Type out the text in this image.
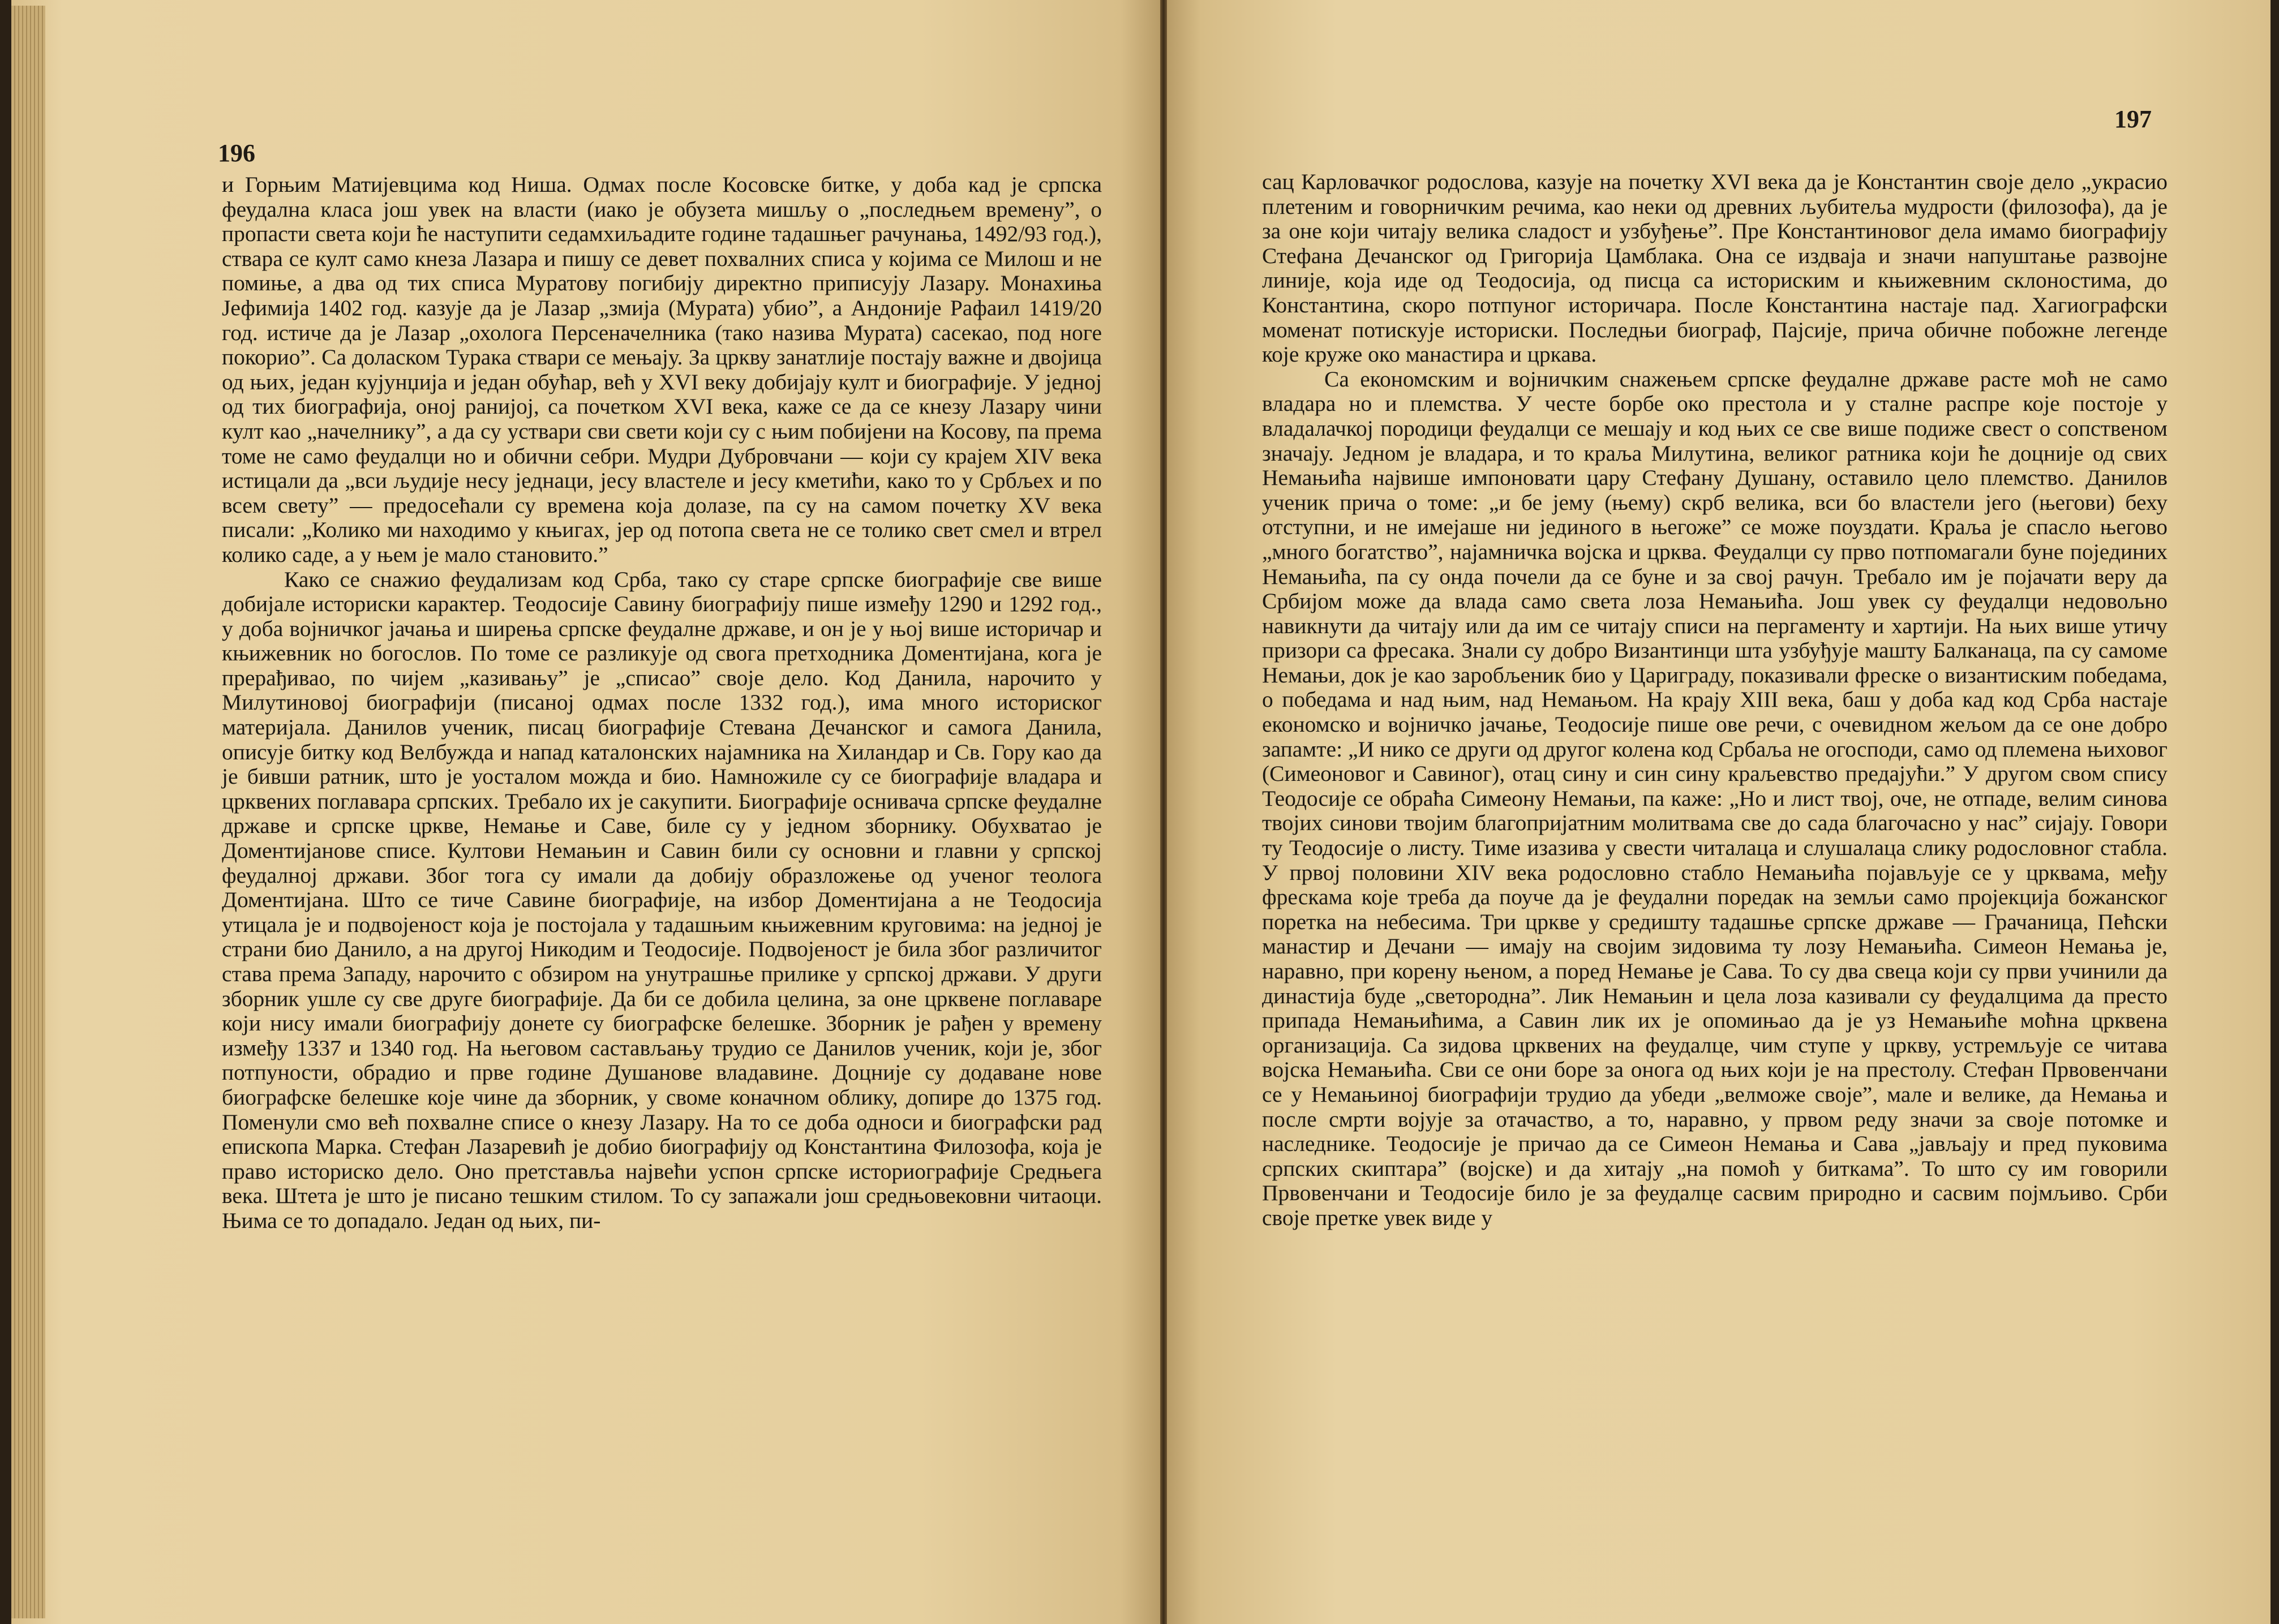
196

и Горњим Матијевцима код Ниша. Одмах после Косовске битке, у доба кад је српска феудална класа још увек на власти (иако је обузета мишљу о „последњем времену”, о пропасти света који ће наступити седамхиљадите године тадашњег рачунања, 1492/93 год.), ствара се култ само кнеза Лазара и пишу се девет похвалних списа у којима се Милош и не помиње, а два од тих списа Муратову погибију директно приписују Лазару. Монахиња Јефимија 1402 год. казује да је Лазар „змија (Мурата) убио”, а Андоније Рафаил 1419/20 год. истиче да је Лазар „охолога Персеначелника (тако назива Мурата) сасекао, под ноге покорио”. Са доласком Турака ствари се мењају. За цркву занатлије постају важне и двојица од њих, један кујунџија и један обућар, већ у XVI веку добијају култ и биографије. У једној од тих биографија, оној ранијој, са почетком XVI века, каже се да се кнезу Лазару чини култ као „начелнику”, а да су уствари сви свети који су с њим побијени на Косову, па према томе не само феудалци но и обични себри. Мудри Дубровчани — који су крајем XIV века истицали да „вси људије несу једнаци, јесу властеле и јесу кметићи, како то у Србљех и по всем свету” — предосећали су времена која долазе, па су на самом почетку XV века писали: „Колико ми находимо у књигах, јер од потопа света не се толико свет смел и втрел колико саде, а у њем је мало становито.”

Како се снажио феудализам код Срба, тако су старе српске биографије све више добијале историски карактер. Теодосије Савину биографију пише између 1290 и 1292 год., у доба војничког јачања и ширења српске феудалне државе, и он је у њој више историчар и књижевник но богослов. По томе се разликује од свога претходника Доментијана, кога је прерађивао, по чијем „казивању” је „списао” своје дело. Код Данила, нарочито у Милутиновој биографији (писаној одмах после 1332 год.), има много историског материјала. Данилов ученик, писац биографије Стевана Дечанског и самога Данила, описује битку код Велбужда и напад каталонских најамника на Хиландар и Св. Гору као да је бивши ратник, што је уосталом можда и био. Намножиле су се биографије владара и црквених поглавара српских. Требало их је сакупити. Биографије оснивача српске феудалне државе и српске цркве, Немање и Саве, биле су у једном зборнику. Обухватао је Доментијанове списе. Култови Немањин и Савин били су основни и главни у српској феудалној држави. Због тога су имали да добију образложење од ученог теолога Доментијана. Што се тиче Савине биографије, на избор Доментијана а не Теодосија утицала је и подвојеност која је постојала у тадашњим књижевним круговима: на једној је страни био Данило, а на другој Никодим и Теодосије. Подвојеност је била због различитог става према Западу, нарочито с обзиром на унутрашње прилике у српској држави. У други зборник ушле су све друге биографије. Да би се добила целина, за оне црквене поглаваре који нису имали биографију донете су биографске белешке. Зборник је рађен у времену између 1337 и 1340 год. На његовом састављању трудио се Данилов ученик, који је, због потпуности, обрадио и прве године Душанове владавине. Доцније су додаване нове биографске белешке које чине да зборник, у своме коначном облику, допире до 1375 год. Поменули смо већ похвалне списе о кнезу Лазару. На то се доба односи и биографски рад епископа Марка. Стефан Лазаревић је добио биографију од Константина Филозофа, која је право историско дело. Оно претставља највећи успон српске историографије Средњега века. Штета је што је писано тешким стилом. То су запажали још средњовековни читаоци. Њима се то допадало. Један од њих, пи-

197

сац Карловачког родослова, казује на почетку XVI века да је Константин своје дело „украсио плетеним и говорничким речима, као неки од древних љубитеља мудрости (филозофа), да је за оне који читају велика сладост и узбуђење”. Пре Константиновог дела имамо биографију Стефана Дечанског од Григорија Цамблака. Она се издваја и значи напуштање развојне линије, која иде од Теодосија, од писца са историским и књижевним склоностима, до Константина, скоро потпуног историчара. После Константина настаје пад. Хагиографски моменат потискује историски. Последњи биограф, Пајсије, прича обичне побожне легенде које круже око манастира и цркава.

Са економским и војничким снажењем српске феудалне државе расте моћ не само владара но и племства. У честе борбе око престола и у сталне распре које постоје у владалачкој породици феудалци се мешају и код њих се све више подиже свест о сопственом значају. Једном је владара, и то краља Милутина, великог ратника који ће доцније од свих Немањића највише импоновати цару Стефану Душану, оставило цело племство. Данилов ученик прича о томе: „и бе јему (њему) скрб велика, вси бо властели јего (његови) беху отступни, и не имејаше ни јединого в његоже” се може поуздати. Краља је спасло његово „много богатство”, најамничка војска и црква. Феудалци су прво потпомагали буне појединих Немањића, па су онда почели да се буне и за свој рачун. Требало им је појачати веру да Србијом може да влада само света лоза Немањића. Још увек су феудалци недовољно навикнути да читају или да им се читају списи на пергаменту и хартији. На њих више утичу призори са фресака. Знали су добро Византинци шта узбуђује машту Балканаца, па су самоме Немањи, док је као заробљеник био у Цариграду, показивали фреске о византиским победама, о победама и над њим, над Немањом. На крају XIII века, баш у доба кад код Срба настаје економско и војничко јачање, Теодосије пише ове речи, с очевидном жељом да се оне добро запамте: „И нико се други од другог колена код Србаља не огосподи, само од племена њиховог (Симеоновог и Савиног), отац сину и син сину краљевство предајући.” У другом свом спису Теодосије се обраћа Симеону Немањи, па каже: „Но и лист твој, оче, не отпаде, велим синова твојих синови твојим благопријатним молитвама све до сада благочасно у нас” сијају. Говори ту Теодосије о листу. Тиме изазива у свести читалаца и слушалаца слику родословног стабла. У првој половини XIV века родословно стабло Немањића појављује се у црквама, међу фрескама које треба да поуче да је феудални поредак на земљи само пројекција божанског поретка на небесима. Три цркве у средишту тадашње српске државе — Грачаница, Пећски манастир и Дечани — имају на својим зидовима ту лозу Немањића. Симеон Немања је, наравно, при корену њеном, а поред Немање је Сава. То су два свеца који су први учинили да династија буде „светородна”. Лик Немањин и цела лоза казивали су феудалцима да престо припада Немањићима, а Савин лик их је опомињао да је уз Немањиће моћна црквена организација. Са зидова црквених на феудалце, чим ступе у цркву, устремљује се читава војска Немањића. Сви се они боре за онога од њих који је на престолу. Стефан Првовенчани се у Немањиној биографији трудио да убеди „велможе своје”, мале и велике, да Немања и после смрти војује за отачаство, а то, наравно, у првом реду значи за своје потомке и наследнике. Теодосије је причао да се Симеон Немања и Сава „јављају и пред пуковима српских скиптара” (војске) и да хитају „на помоћ у биткама”. То што су им говорили Првовенчани и Теодосије било је за феудалце сасвим природно и сасвим појмљиво. Срби своје претке увек виде у
